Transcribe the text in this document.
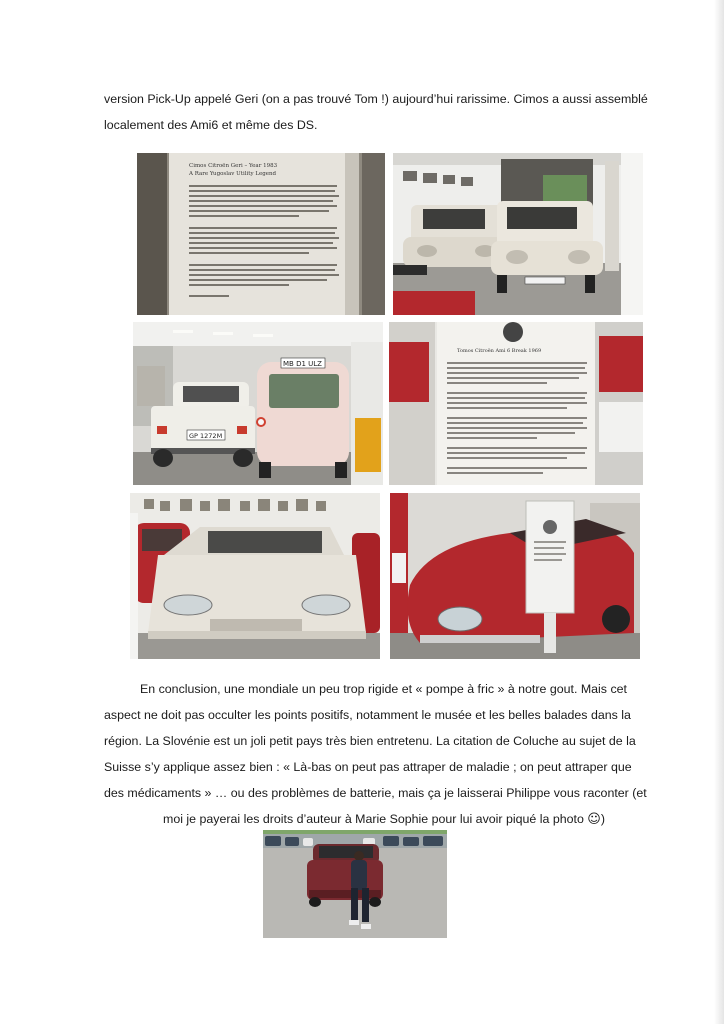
version Pick-Up appelé Geri (on a pas trouvé Tom !) aujourd’hui rarissime. Cimos a aussi assemblé
localement des Ami6 et même des DS.

Cimos Citroën Geri – Year 1983
A Rare Yugoslav Utility Legend
GP 1272M
MB D1 ULZ
Tomos Citroën Ami 6 Break 1969

En conclusion, une mondiale un peu trop rigide et « pompe à fric » à notre gout. Mais cet
aspect ne doit pas occulter les points positifs, notamment le musée et les belles balades dans la
région. La Slovénie est un joli petit pays très bien entretenu. La citation de Coluche au sujet de la
Suisse s’y applique assez bien : « Là-bas on peut pas attraper de maladie ; on peut attraper que
des médicaments » … ou des problèmes de batterie, mais ça je laisserai Philippe vous raconter (et
moi je payerai les droits d’auteur à Marie Sophie pour lui avoir piqué la photo ☺)
